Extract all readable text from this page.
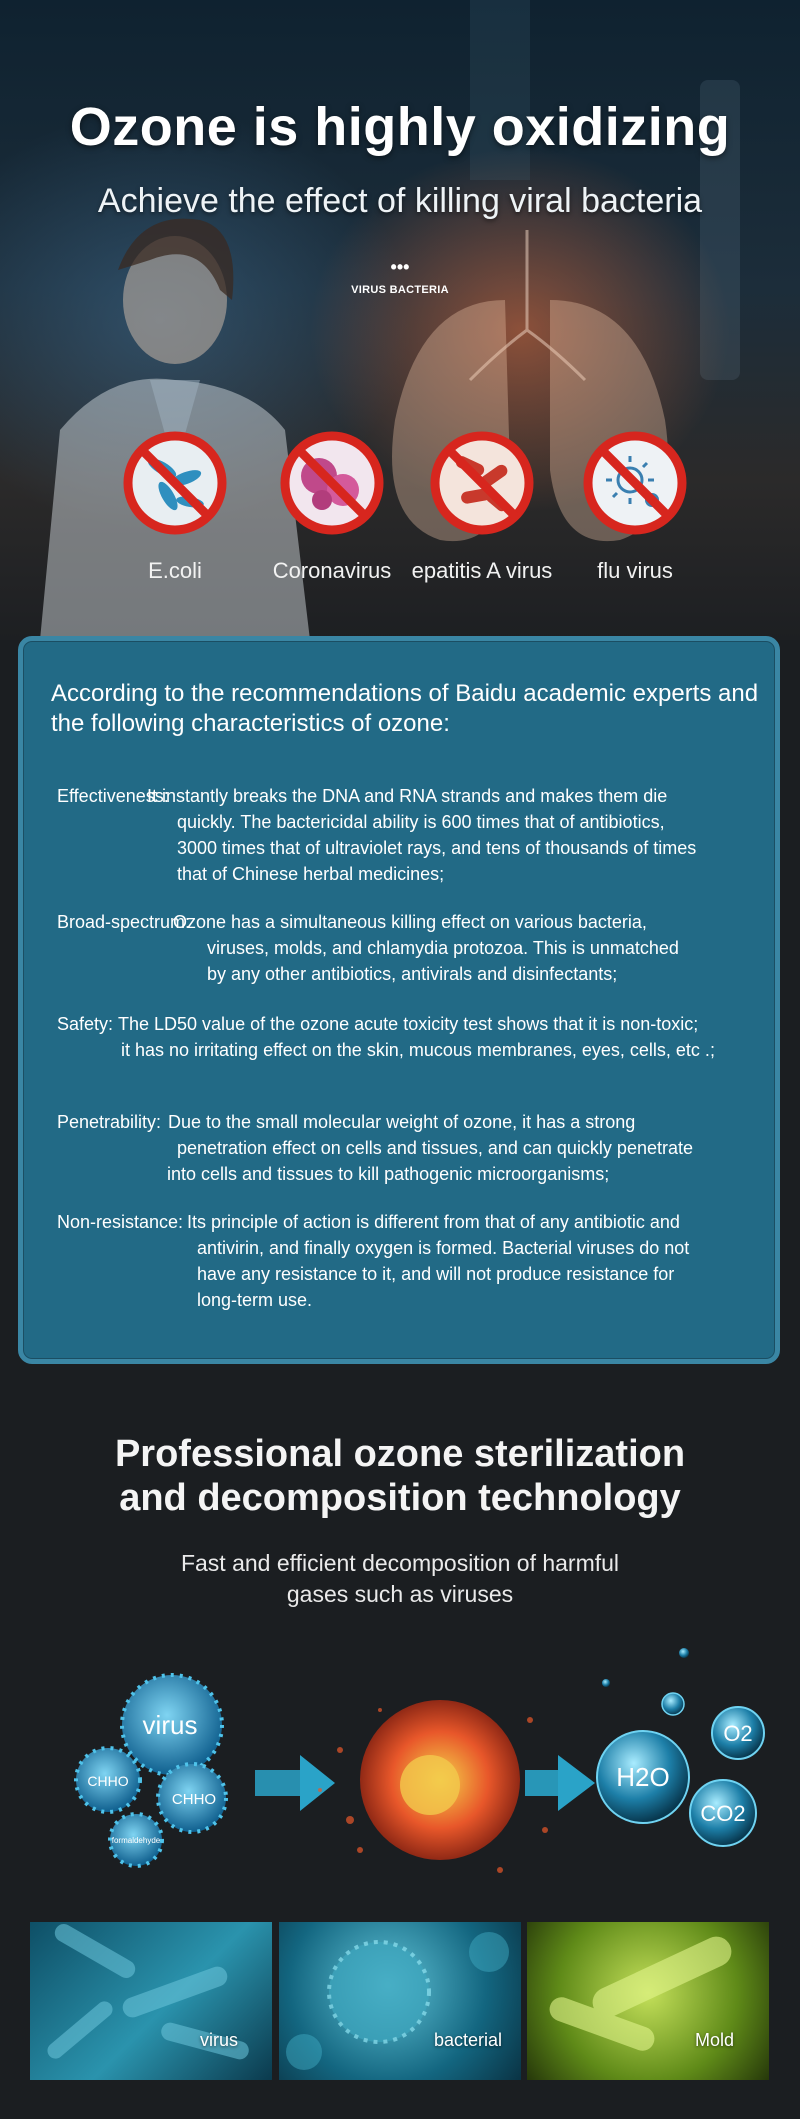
Ozone is highly oxidizing
Achieve the effect of killing viral bacteria
•••
VIRUS BACTERIA
E.coli	Coronavirus epatitis A virus	flu virus
According to the recommendations of Baidu academic experts and the following characteristics of ozone:
Effectiveness:
It instantly breaks the DNA and RNA strands and makes them die
quickly. The bactericidal ability is 600 times that of antibiotics,
3000 times that of ultraviolet rays, and tens of thousands of times
that of Chinese herbal medicines;
Broad-spectrum:
Ozone has a simultaneous killing effect on various bacteria,
viruses, molds, and chlamydia protozoa. This is unmatched
by any other antibiotics, antivirals and disinfectants;
Safety: The LD50 value of the ozone acute toxicity test shows that it is non-toxic;
it has no irritating effect on the skin, mucous membranes, eyes, cells, etc .;
Penetrability: Due to the small molecular weight of ozone, it has a strong
penetration effect on cells and tissues, and can quickly penetrate
into cells and tissues to kill pathogenic microorganisms;
Non-resistance: Its principle of action is different from that of any antibiotic and
antivirin, and finally oxygen is formed. Bacterial viruses do not
have any resistance to it, and will not produce resistance for
long-term use.
Professional ozone sterilization
and decomposition technology
Fast and efficient decomposition of harmful
gases such as viruses
virus
CHHO
CHHO
formaldehyde
H2O
O2
CO2
virus	bacterial	Mold
